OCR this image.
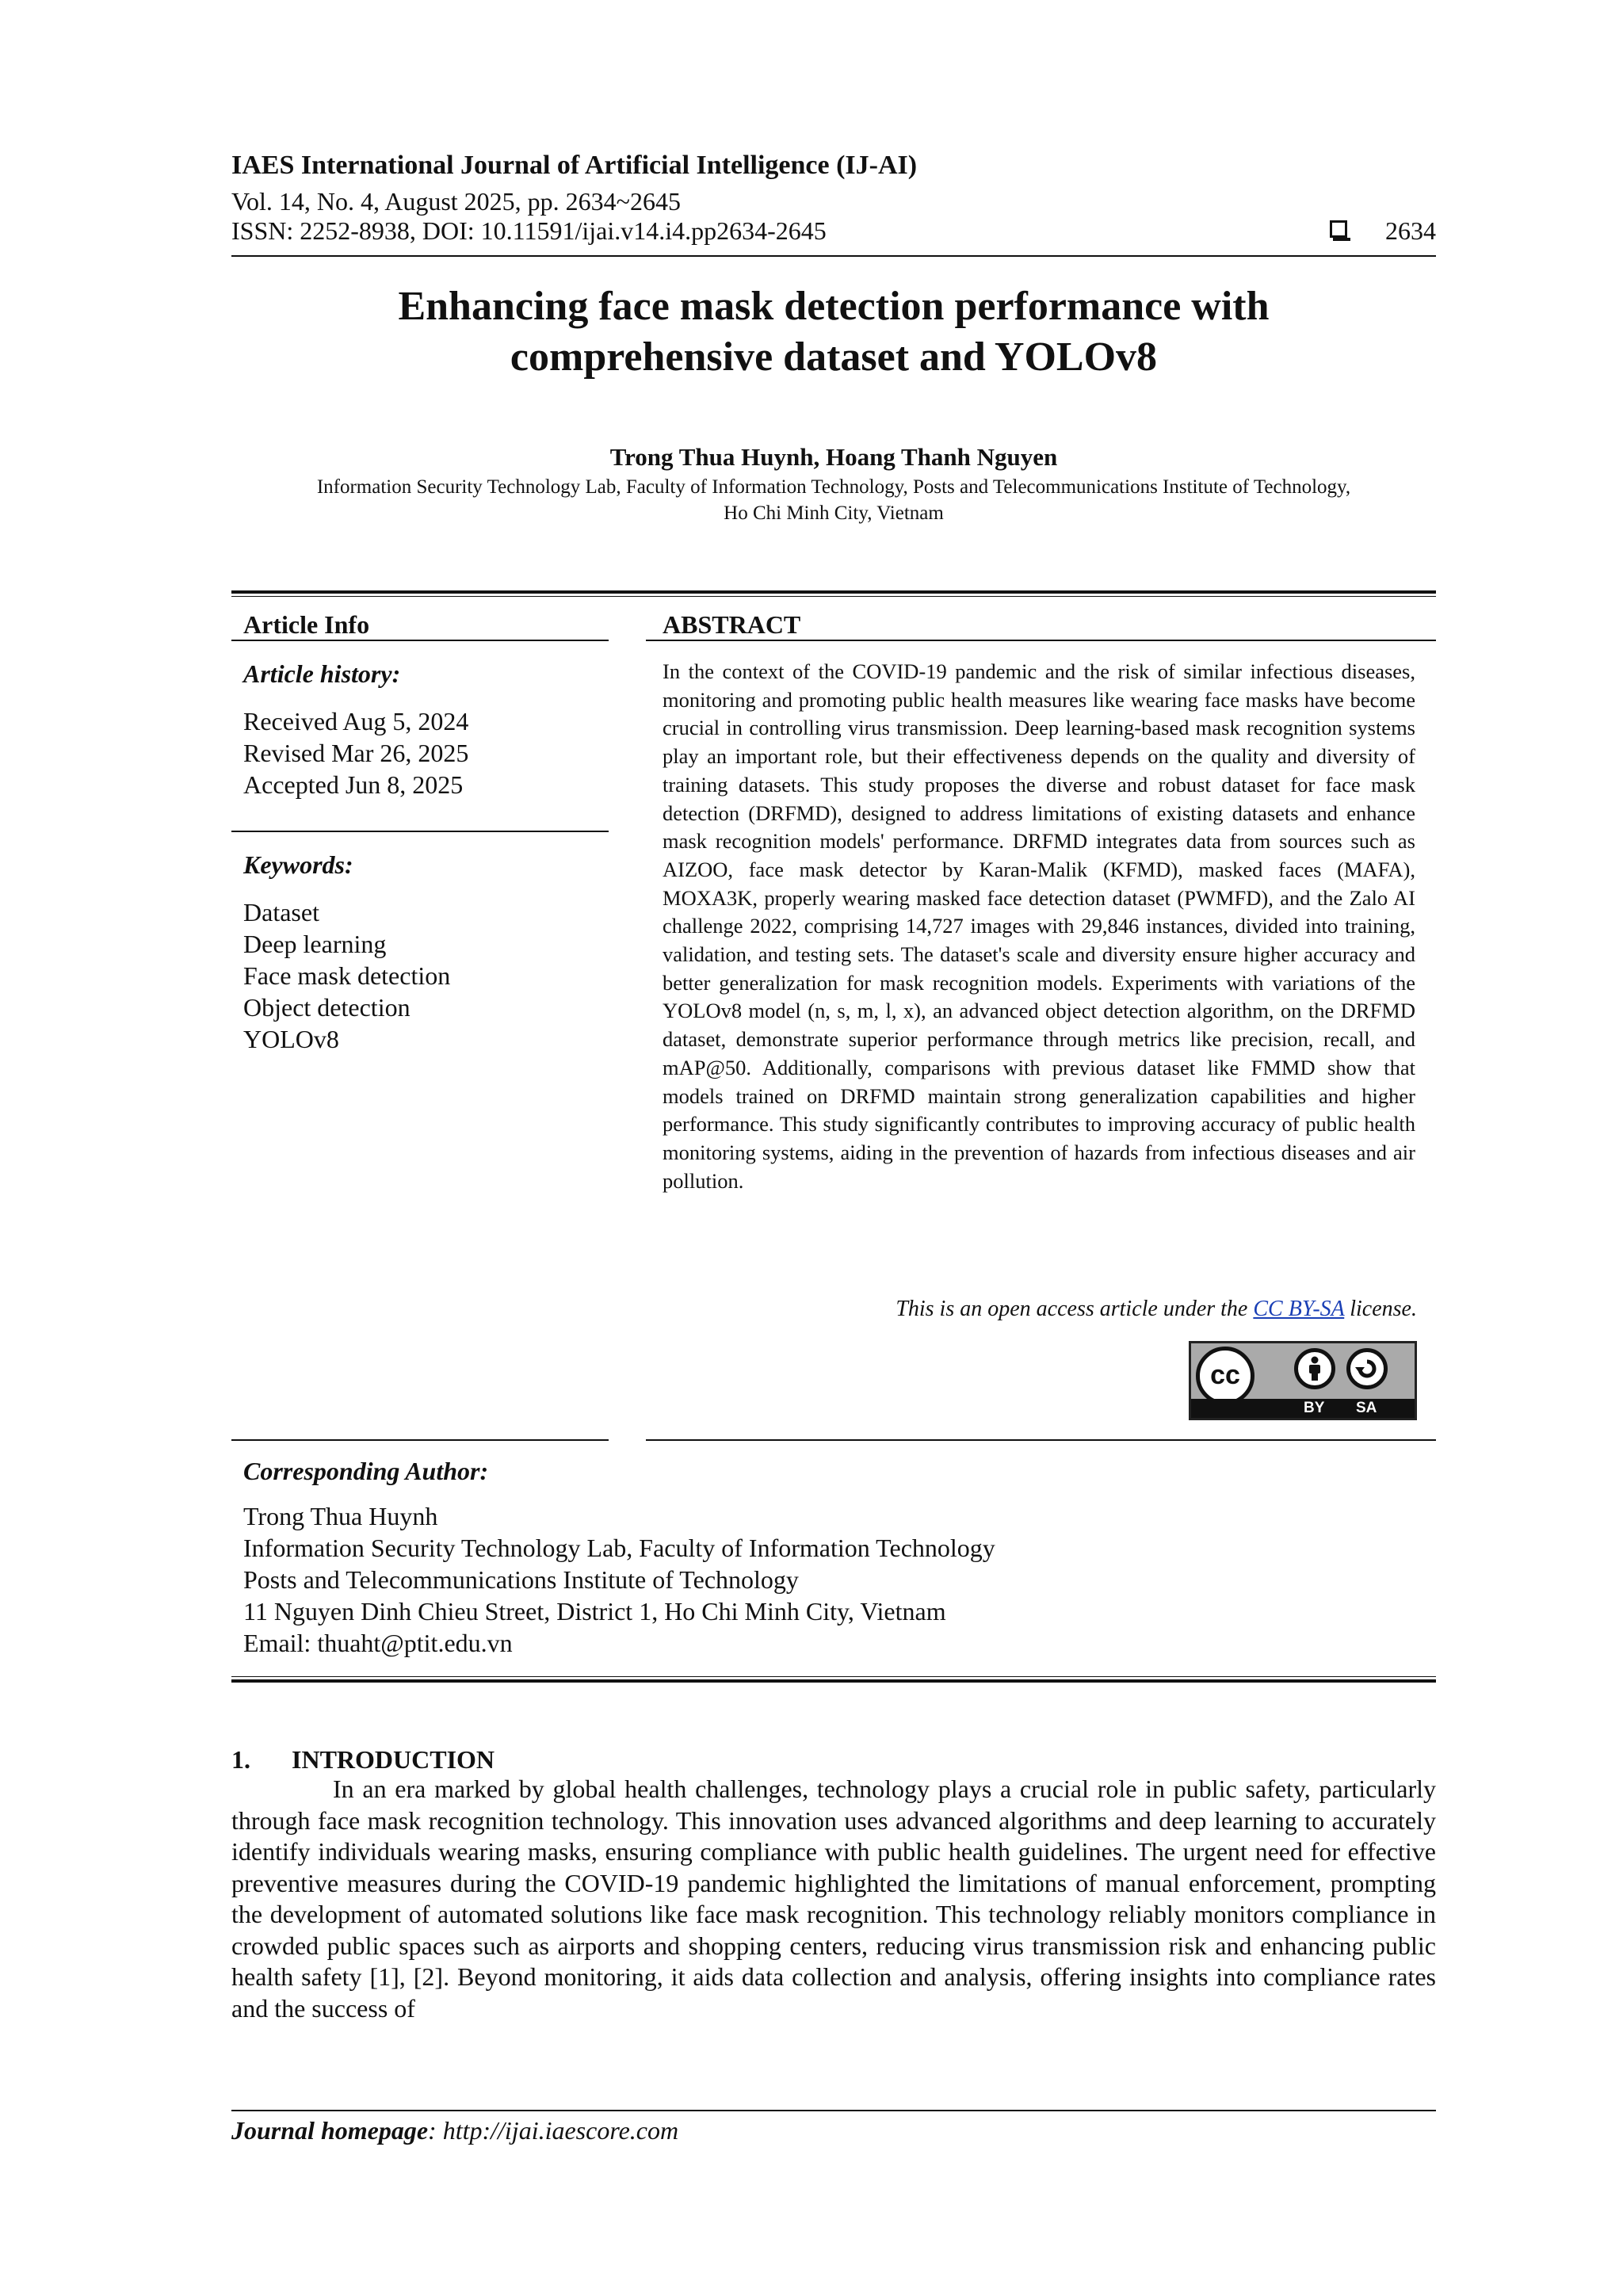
IAES International Journal of Artificial Intelligence (IJ-AI)
Vol. 14, No. 4, August 2025, pp. 2634~2645
ISSN: 2252-8938, DOI: 10.11591/ijai.v14.i4.pp2634-2645	2634
Enhancing face mask detection performance with
comprehensive dataset and YOLOv8
Trong Thua Huynh, Hoang Thanh Nguyen
Information Security Technology Lab, Faculty of Information Technology, Posts and Telecommunications Institute of Technology,
Ho Chi Minh City, Vietnam
Article Info
Article history:
Received Aug 5, 2024
Revised Mar 26, 2025
Accepted Jun 8, 2025
Keywords:
Dataset
Deep learning
Face mask detection
Object detection
YOLOv8
ABSTRACT
In the context of the COVID-19 pandemic and the risk of similar infectious diseases, monitoring and promoting public health measures like wearing face masks have become crucial in controlling virus transmission. Deep learning-based mask recognition systems play an important role, but their effectiveness depends on the quality and diversity of training datasets. This study proposes the diverse and robust dataset for face mask detection (DRFMD), designed to address limitations of existing datasets and enhance mask recognition models' performance. DRFMD integrates data from sources such as AIZOO, face mask detector by Karan-Malik (KFMD), masked faces (MAFA), MOXA3K, properly wearing masked face detection dataset (PWMFD), and the Zalo AI challenge 2022, comprising 14,727 images with 29,846 instances, divided into training, validation, and testing sets. The dataset's scale and diversity ensure higher accuracy and better generalization for mask recognition models. Experiments with variations of the YOLOv8 model (n, s, m, l, x), an advanced object detection algorithm, on the DRFMD dataset, demonstrate superior performance through metrics like precision, recall, and mAP@50. Additionally, comparisons with previous dataset like FMMD show that models trained on DRFMD maintain strong generalization capabilities and higher performance. This study significantly contributes to improving accuracy of public health monitoring systems, aiding in the prevention of hazards from infectious diseases and air pollution.
This is an open access article under the CC BY-SA license.
cc
BY SA
Corresponding Author:
Trong Thua Huynh
Information Security Technology Lab, Faculty of Information Technology
Posts and Telecommunications Institute of Technology
11 Nguyen Dinh Chieu Street, District 1, Ho Chi Minh City, Vietnam
Email: thuaht@ptit.edu.vn
1. INTRODUCTION
In an era marked by global health challenges, technology plays a crucial role in public safety, particularly through face mask recognition technology. This innovation uses advanced algorithms and deep learning to accurately identify individuals wearing masks, ensuring compliance with public health guidelines. The urgent need for effective preventive measures during the COVID-19 pandemic highlighted the limitations of manual enforcement, prompting the development of automated solutions like face mask recognition. This technology reliably monitors compliance in crowded public spaces such as airports and shopping centers, reducing virus transmission risk and enhancing public health safety [1], [2]. Beyond monitoring, it aids data collection and analysis, offering insights into compliance rates and the success of
Journal homepage: http://ijai.iaescore.com
